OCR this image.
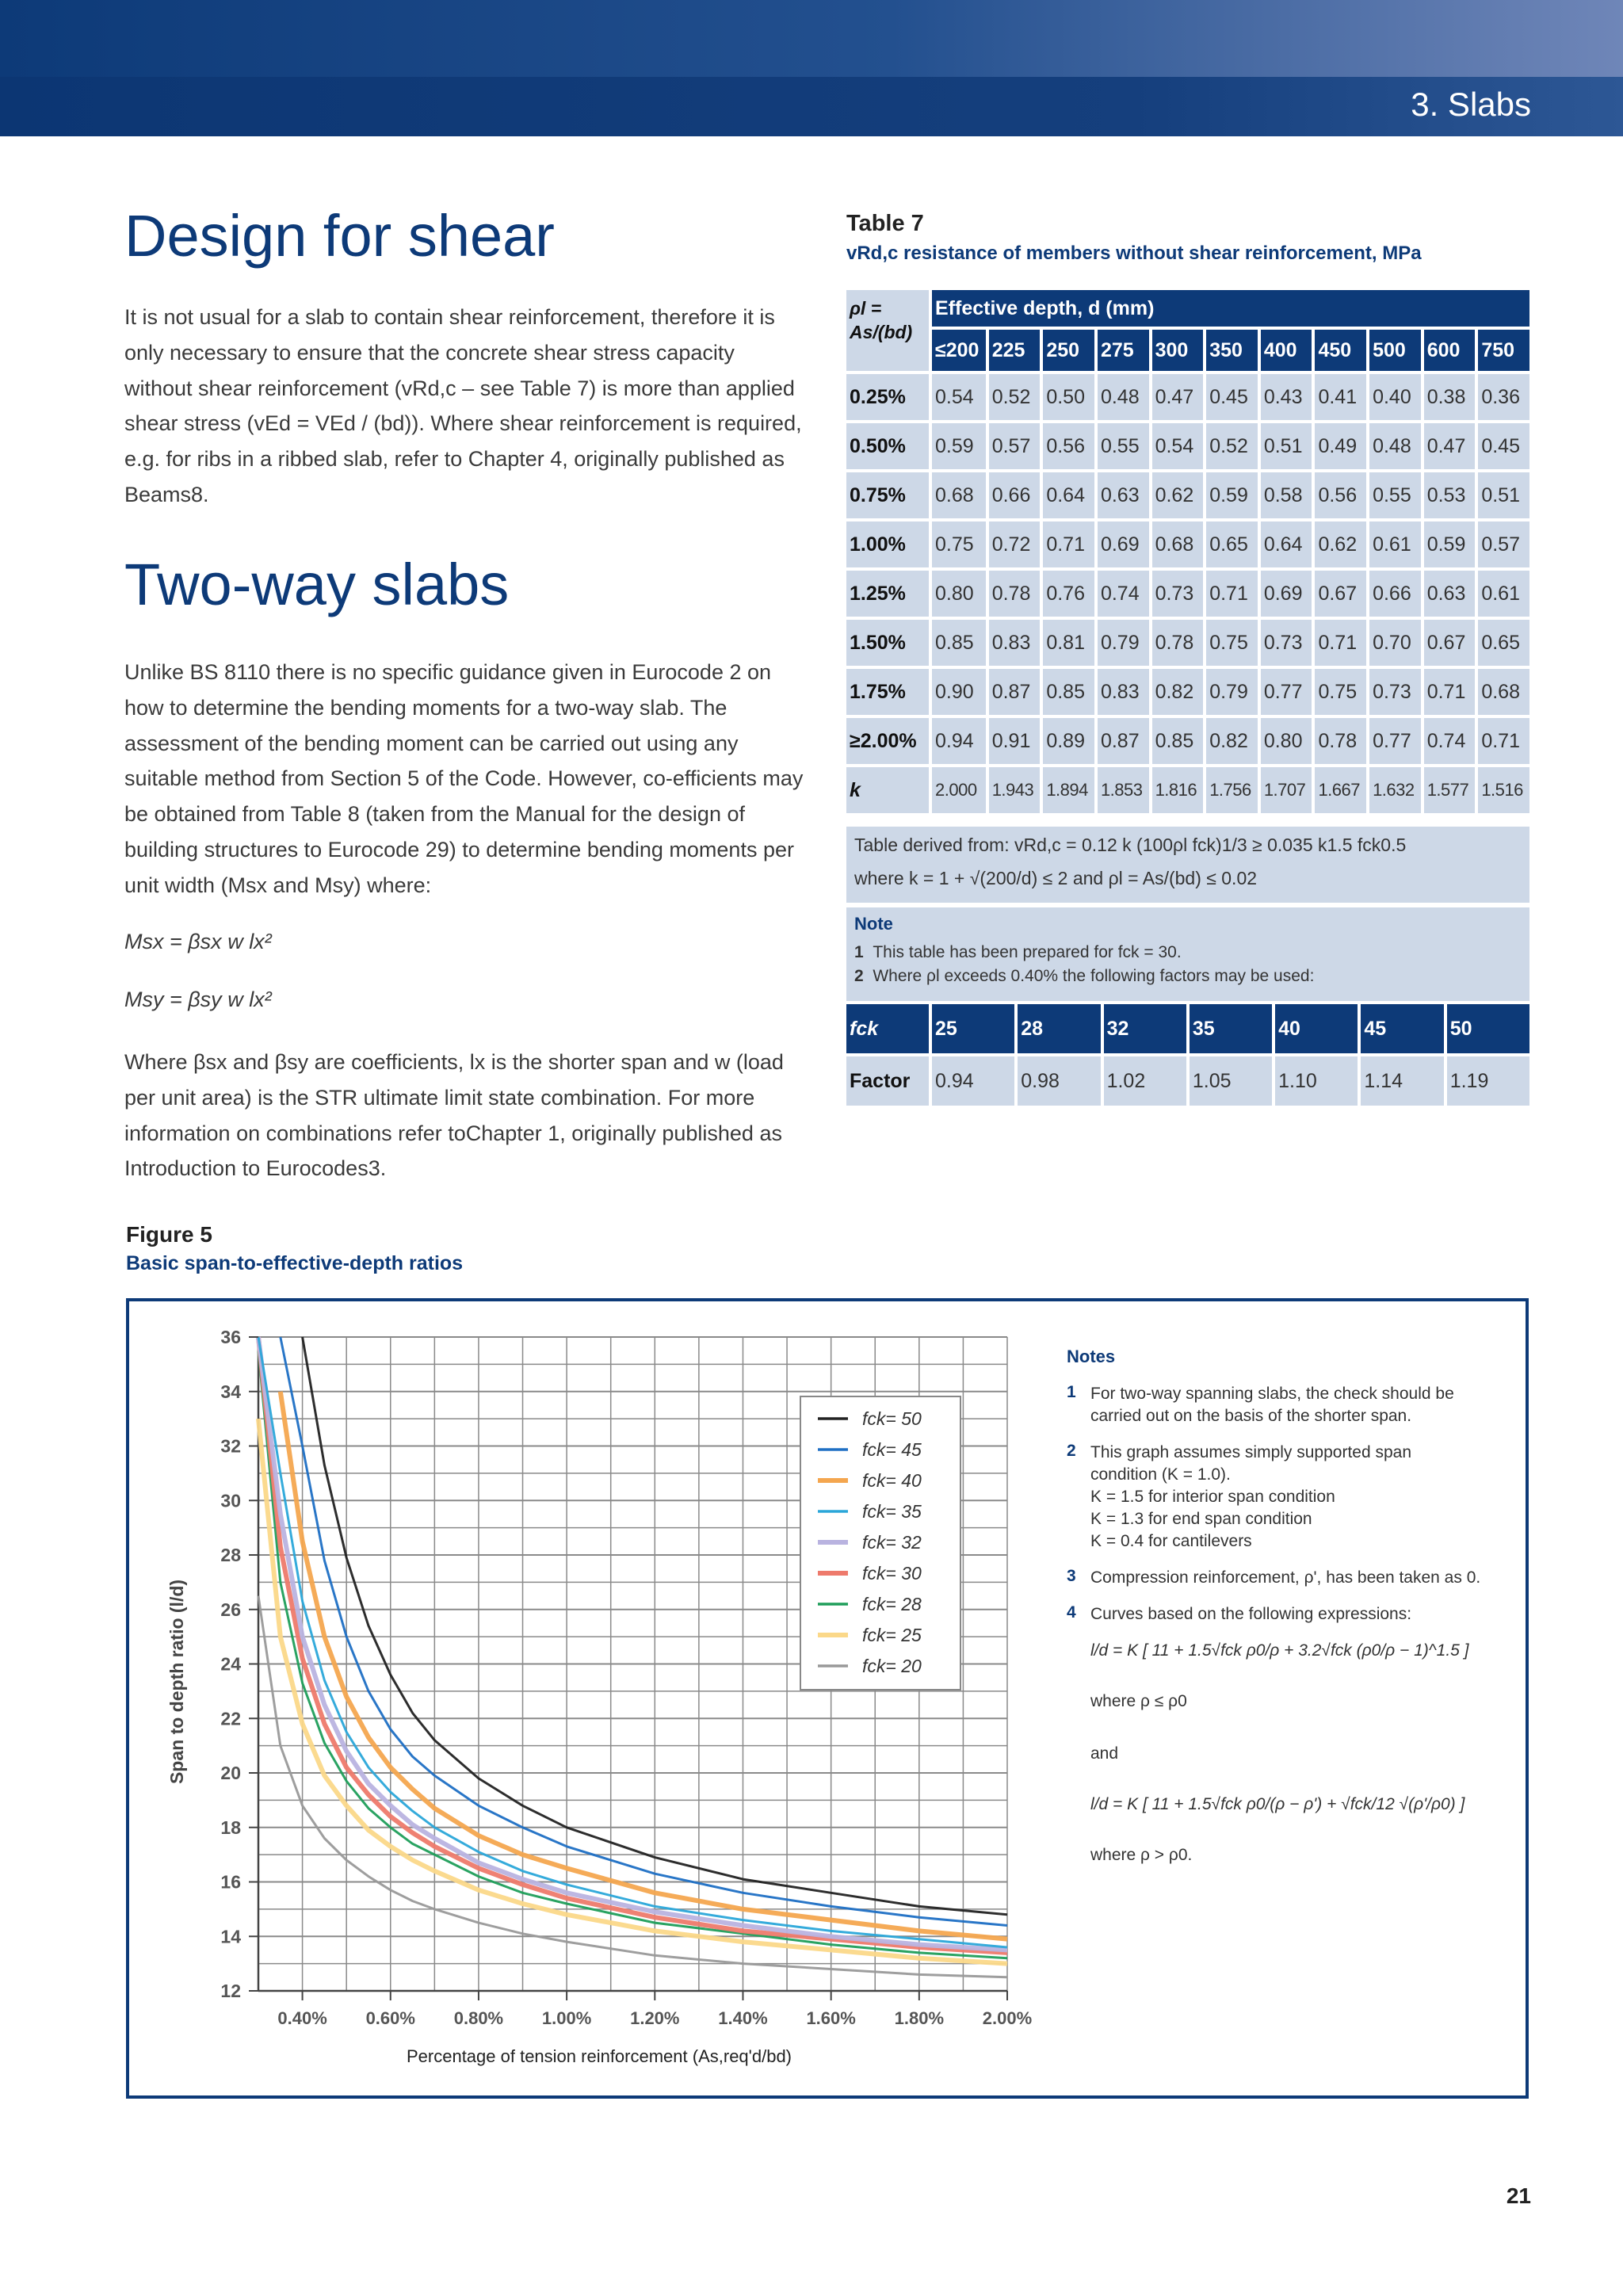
3. Slabs
Design for shear

It is not usual for a slab to contain shear reinforcement, therefore it is only necessary to ensure that the concrete shear stress capacity without shear reinforcement (vRd,c – see Table 7) is more than applied shear stress (vEd = VEd / (bd)). Where shear reinforcement is required, e.g. for ribs in a ribbed slab, refer to Chapter 4, originally published as Beams8.

Two-way slabs

Unlike BS 8110 there is no specific guidance given in Eurocode 2 on how to determine the bending moments for a two-way slab. The assessment of the bending moment can be carried out using any suitable method from Section 5 of the Code. However, co-efficients may be obtained from Table 8 (taken from the Manual for the design of building structures to Eurocode 29) to determine bending moments per unit width (Msx and Msy) where:

Msx = βsx w lx²
Msy = βsy w lx²

Where βsx and βsy are coefficients, lx is the shorter span and w (load per unit area) is the STR ultimate limit state combination. For more information on combinations refer toChapter 1, originally published as Introduction to Eurocodes3.

Table 7
vRd,c resistance of members without shear reinforcement, MPa
ρl = As/(bd)	Effective depth, d (mm)										
	≤200	225	250	275	300	350	400	450	500	600	750
0.25%	0.54	0.52	0.50	0.48	0.47	0.45	0.43	0.41	0.40	0.38	0.36
0.50%	0.59	0.57	0.56	0.55	0.54	0.52	0.51	0.49	0.48	0.47	0.45
0.75%	0.68	0.66	0.64	0.63	0.62	0.59	0.58	0.56	0.55	0.53	0.51
1.00%	0.75	0.72	0.71	0.69	0.68	0.65	0.64	0.62	0.61	0.59	0.57
1.25%	0.80	0.78	0.76	0.74	0.73	0.71	0.69	0.67	0.66	0.63	0.61
1.50%	0.85	0.83	0.81	0.79	0.78	0.75	0.73	0.71	0.70	0.67	0.65
1.75%	0.90	0.87	0.85	0.83	0.82	0.79	0.77	0.75	0.73	0.71	0.68
≥2.00%	0.94	0.91	0.89	0.87	0.85	0.82	0.80	0.78	0.77	0.74	0.71
k	2.000	1.943	1.894	1.853	1.816	1.756	1.707	1.667	1.632	1.577	1.516
Table derived from: vRd,c = 0.12 k (100ρl fck)1/3 ≥ 0.035 k1.5 fck0.5
where k = 1 + √(200/d) ≤ 2 and ρl = As/(bd) ≤ 0.02
Note
1 This table has been prepared for fck = 30.
2 Where ρl exceeds 0.40% the following factors may be used:
fck	25	28	32	35	40	45	50
Factor	0.94	0.98	1.02	1.05	1.10	1.14	1.19
Figure 5
Basic span-to-effective-depth ratios
12
14
16
18
20
22
24
26
28
30
32
34
36
0.40% 0.60% 0.80% 1.00% 1.20% 1.40% 1.60% 1.80% 2.00%
Span to depth ratio (l/d)
Percentage of tension reinforcement (As,req'd/bd)
fck= 50
fck= 45
fck= 40
fck= 35
fck= 32
fck= 30
fck= 28
fck= 25
fck= 20
Notes
1 For two-way spanning slabs, the check should be
carried out on the basis of the shorter span.
2 This graph assumes simply supported span
condition (K = 1.0).
K = 1.5 for interior span condition
K = 1.3 for end span condition
K = 0.4 for cantilevers
3 Compression reinforcement, ρ', has been taken as 0.
4 Curves based on the following expressions:
l/d = K [ 11 + 1.5√fck ρ0/ρ + 3.2√fck (ρ0/ρ − 1)^1.5 ]
where ρ ≤ ρ0
and
l/d = K [ 11 + 1.5√fck ρ0/(ρ − ρ') + √fck/12 √(ρ'/ρ0) ]
where ρ > ρ0.
21
